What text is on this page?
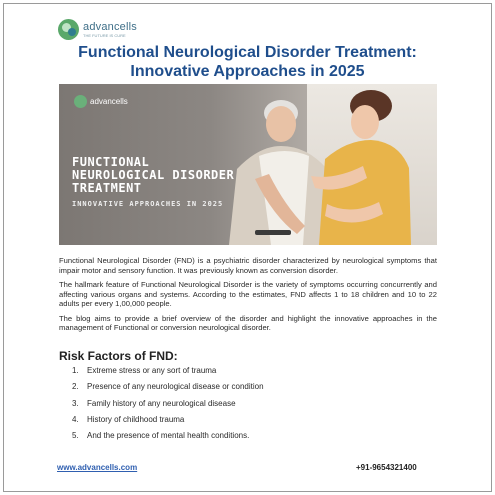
advancells
THE FUTURE IS CURE
Functional Neurological Disorder Treatment:
Innovative Approaches in 2025
advancells
FUNCTIONAL
NEUROLOGICAL DISORDER
TREATMENT
INNOVATIVE APPROACHES IN 2025

Functional Neurological Disorder (FND) is a psychiatric disorder characterized by neurological symptoms that impair motor and sensory function. It was previously known as conversion disorder.

The hallmark feature of Functional Neurological Disorder is the variety of symptoms occurring concurrently and affecting various organs and systems. According to the estimates, FND affects 1 to 18 children and 10 to 22 adults per every 1,00,000 people.

The blog aims to provide a brief overview of the disorder and highlight the innovative approaches in the management of Functional or conversion neurological disorder.

Risk Factors of FND:
1.	Extreme stress or any sort of trauma
2.	Presence of any neurological disease or condition
3.	Family history of any neurological disease
4.	History of childhood trauma
5.	And the presence of mental health conditions.
www.advancells.com	+91-9654321400
